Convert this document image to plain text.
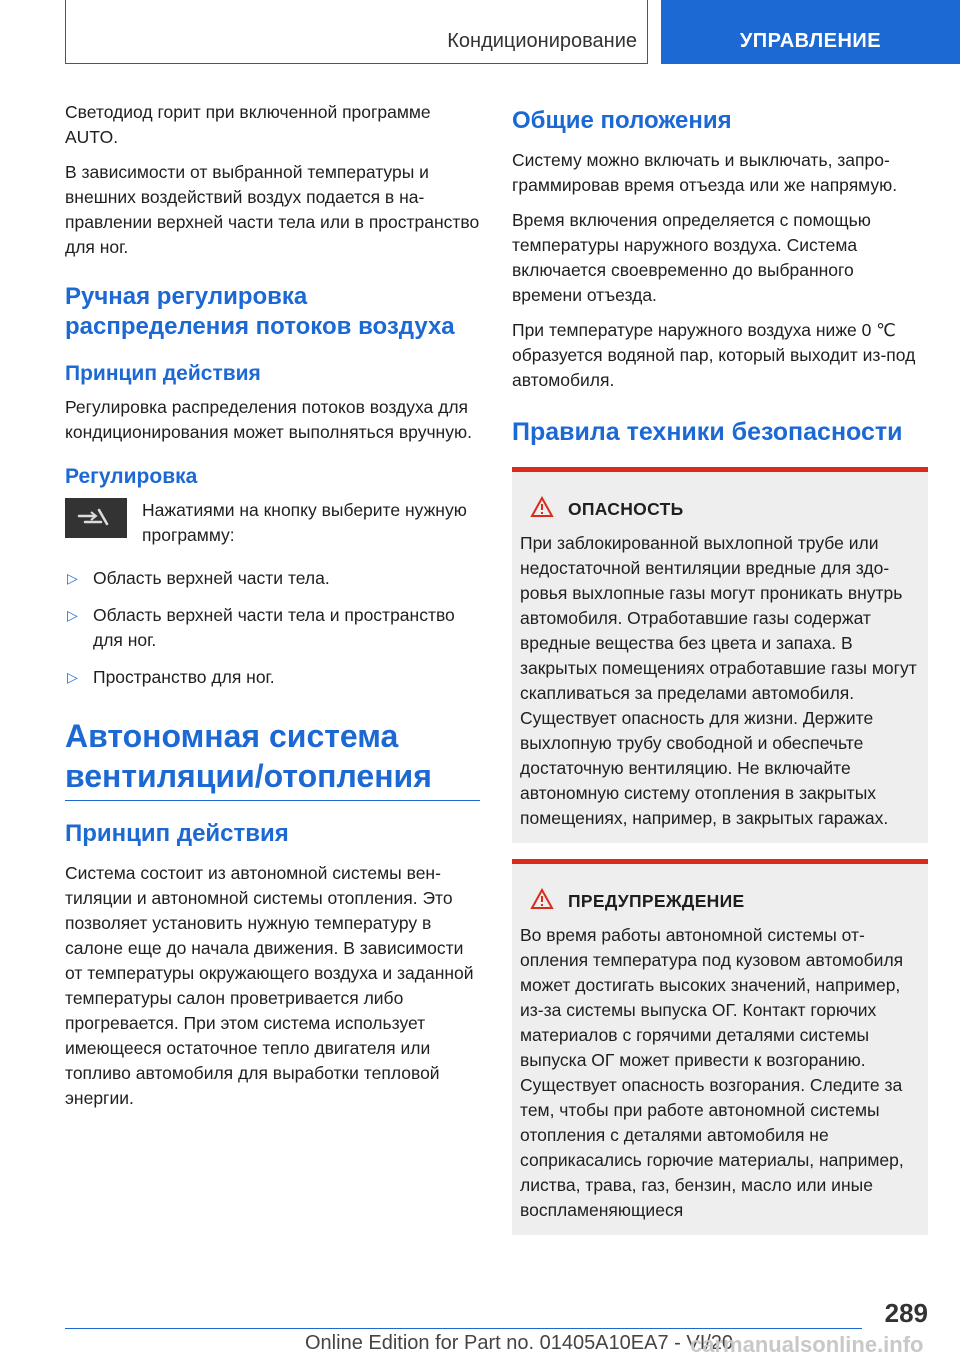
Кондиционирование	УПРАВЛЕНИЕ

Светодиод горит при включенной программе AUTO.

В зависимости от выбранной температуры и внешних воздействий воздух подается в направлении верхней части тела или в пространство для ног.

Ручная регулировка распределения потоков воздуха
Принцип действия

Регулировка распределения потоков воздуха для кондиционирования может выполняться вручную.

Регулировка
Нажатиями на кнопку выберите нужную программу:
▷ Область верхней части тела.
▷ Область верхней части тела и пространство для ног.
▷ Пространство для ног.
Автономная система вентиляции/отопления
Принцип действия

Система состоит из автономной системы вентиляции и автономной системы отопления. Это позволяет установить нужную температуру в салоне еще до начала движения. В зависимости от температуры окружающего воздуха и заданной температуры салон проветривается либо прогревается. При этом система использует имеющееся остаточное тепло двигателя или топливо автомобиля для выработки тепловой энергии.

Общие положения

Систему можно включать и выключать, запрограммировав время отъезда или же напрямую.

Время включения определяется с помощью температуры наружного воздуха. Система включается своевременно до выбранного времени отъезда.

При температуре наружного воздуха ниже 0 ℃ образуется водяной пар, который выходит из-под автомобиля.

Правила техники безопасности
ОПАСНОСТЬ

При заблокированной выхлопной трубе или недостаточной вентиляции вредные для здоровья выхлопные газы могут проникать внутрь автомобиля. Отработавшие газы содержат вредные вещества без цвета и запаха. В закрытых помещениях отработавшие газы могут скапливаться за пределами автомобиля. Существует опасность для жизни. Держите выхлопную трубу свободной и обеспечьте достаточную вентиляцию. Не включайте автономную систему отопления в закрытых помещениях, например, в закрытых гаражах.

ПРЕДУПРЕЖДЕНИЕ

Во время работы автономной системы отопления температура под кузовом автомобиля может достигать высоких значений, например, из-за системы выпуска ОГ. Контакт горючих материалов с горячими деталями системы выпуска ОГ может привести к возгоранию. Существует опасность возгорания. Следите за тем, чтобы при работе автономной системы отопления с деталями автомобиля не соприкасались горючие материалы, например, листва, трава, газ, бензин, масло или иные воспламеняющиеся

289
Online Edition for Part no. 01405A10EA7 - VI/20
carmanualsonline.info
